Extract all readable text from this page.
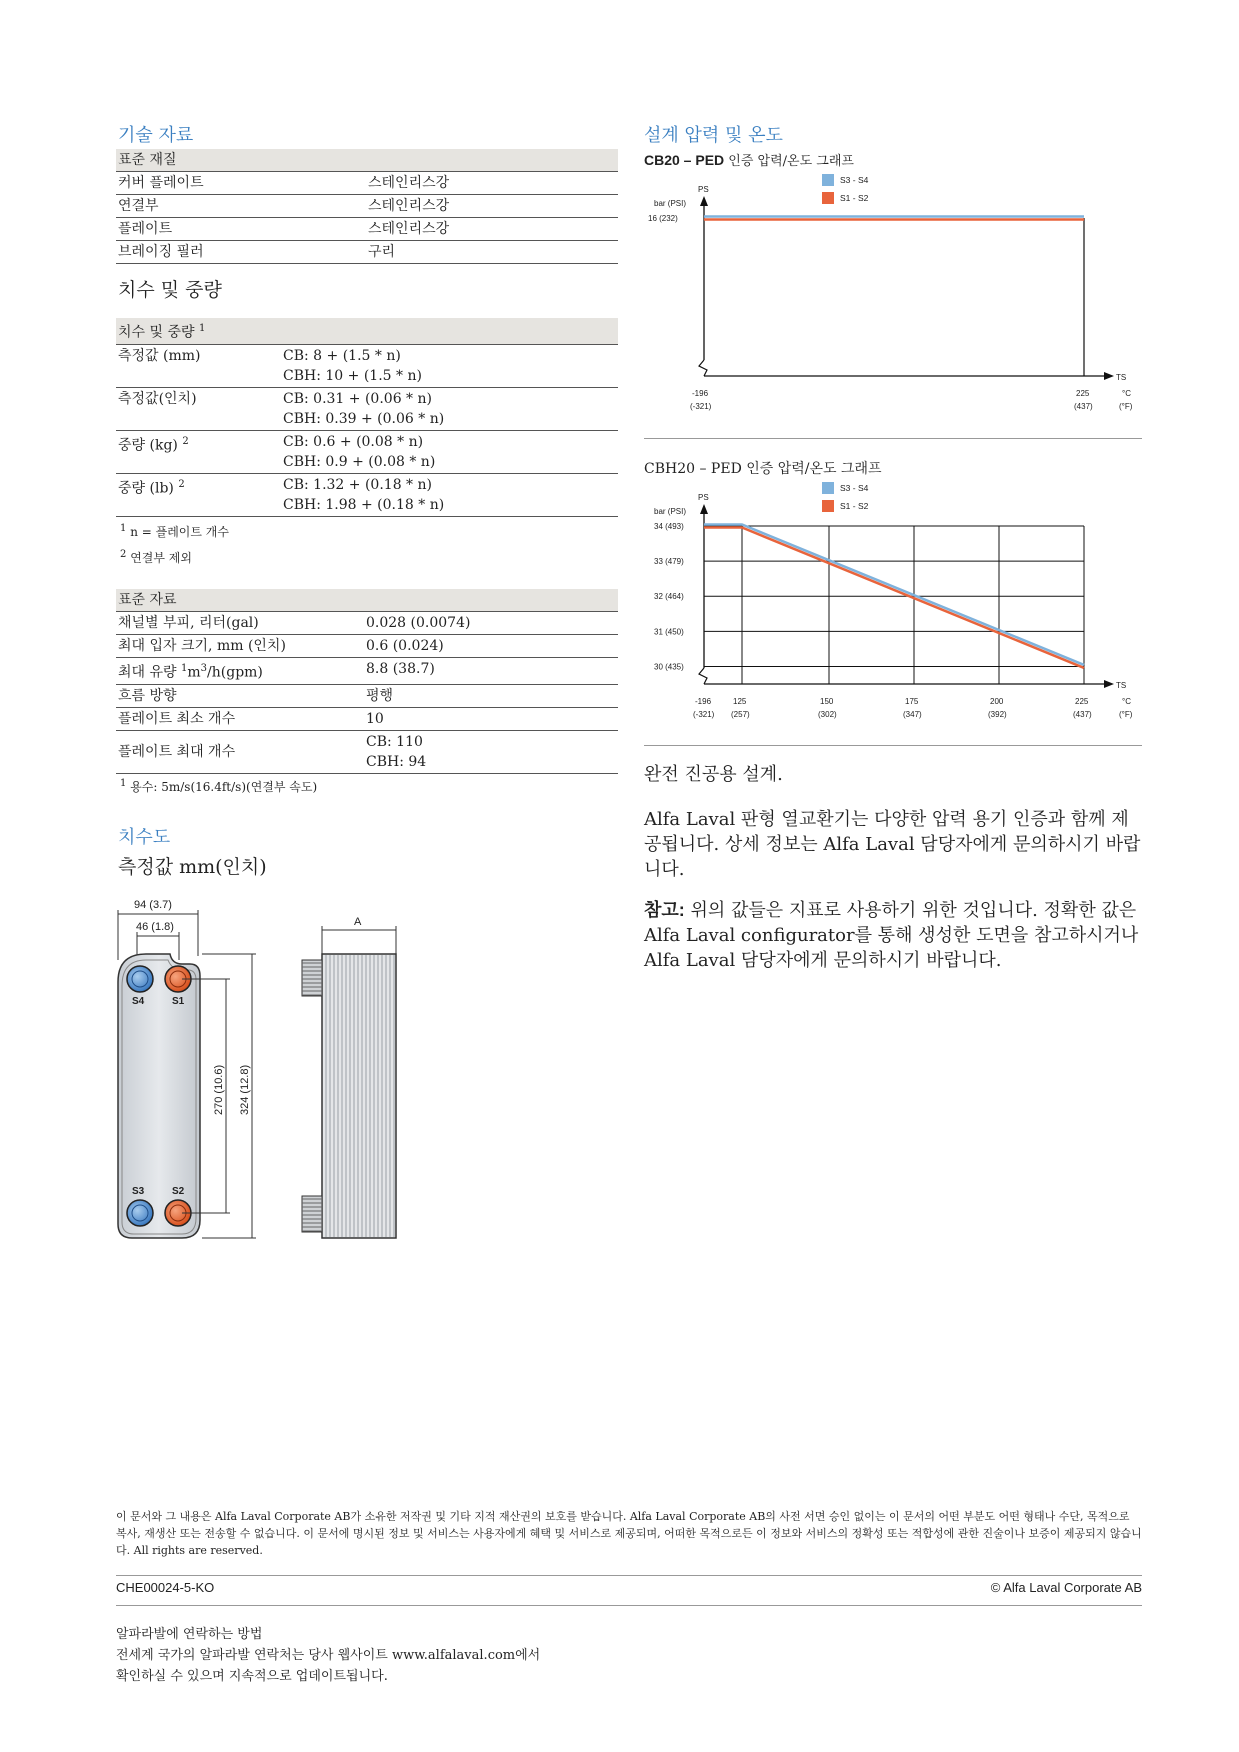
기술 자료
표준 재질	
커버 플레이트	스테인리스강
연결부	스테인리스강
플레이트	스테인리스강
브레이징 필러	구리
치수 및 중량
치수 및 중량 $^1$
측정값 (mm)	CB: 8 + (1.5 * n)
CBH: 10 + (1.5 * n)

측정값(인치)	CB: 0.31 + (0.06 * n)
CBH: 0.39 + (0.06 * n)

중량 (kg) $^2$	CB: 0.6 + (0.08 * n)
CBH: 0.9 + (0.08 * n)

중량 (lb) $^2$	CB: 1.32 + (0.18 * n)
CBH: 1.98 + (0.18 * n)
$^1$ n = 플레이트 개수
$^2$ 연결부 제외
표준 자료	
채널별 부피, 리터(gal)	0.028 (0.0074)
최대 입자 크기, mm (인치)	0.6 (0.024)
최대 유량 $^1m^3/h(gpm)$	8.8 (38.7)
흐름 방향	평행
플레이트 최소 개수	10
플레이트 최대 개수	CB: 110
CBH: 94
$^1$ 용수: 5m/s(16.4ft/s)(연결부 속도)
치수도
측정값 mm(인치)
94 (3.7)
46 (1.8)
S4	S1
S3	S2
270 (10.6) 324 (12.8)
A
설계 압력 및 온도
CB20 – PED 인증 압력/온도 그래프
PS
bar (PSI)
TS
°C
(°F)
S3 - S4
S1 - S2
16 (232)
-196
(-321)
225
(437)
CBH20 – PED 인증 압력/온도 그래프
PS
bar (PSI)
TS
°C
(°F)
S3 - S4
S1 - S2
34 (493)
33 (479)
32 (464)
31 (450)
30 (435)
-196
(-321)
125
(257)
150
(302)
175
(347)
200
(392)
225
(437)
완전 진공용 설계.
Alfa Laval 판형 열교환기는 다양한 압력 용기 인증과 함께 제공됩니다. 상세 정보는 Alfa Laval 담당자에게 문의하시기 바랍니다.
참고: 위의 값들은 지표로 사용하기 위한 것입니다. 정확한 값은 Alfa Laval configurator를 통해 생성한 도면을 참고하시거나 Alfa Laval 담당자에게 문의하시기 바랍니다.
이 문서와 그 내용은 Alfa Laval Corporate AB가 소유한 저작권 및 기타 지적 재산권의 보호를 받습니다. Alfa Laval Corporate AB의 사전 서면 승인 없이는 이 문서의 어떤 부분도 어떤 형태나 수단, 목적으로 복사, 재생산 또는 전송할 수 없습니다. 이 문서에 명시된 정보 및 서비스는 사용자에게 혜택 및 서비스로 제공되며, 어떠한 목적으로든 이 정보와 서비스의 정확성 또는 적합성에 관한 진술이나 보증이 제공되지 않습니다. All rights are reserved.
CHE00024-5-KO	© Alfa Laval Corporate AB
알파라발에 연락하는 방법
전세계 국가의 알파라발 연락처는 당사 웹사이트 www.alfalaval.com에서
확인하실 수 있으며 지속적으로 업데이트됩니다.
